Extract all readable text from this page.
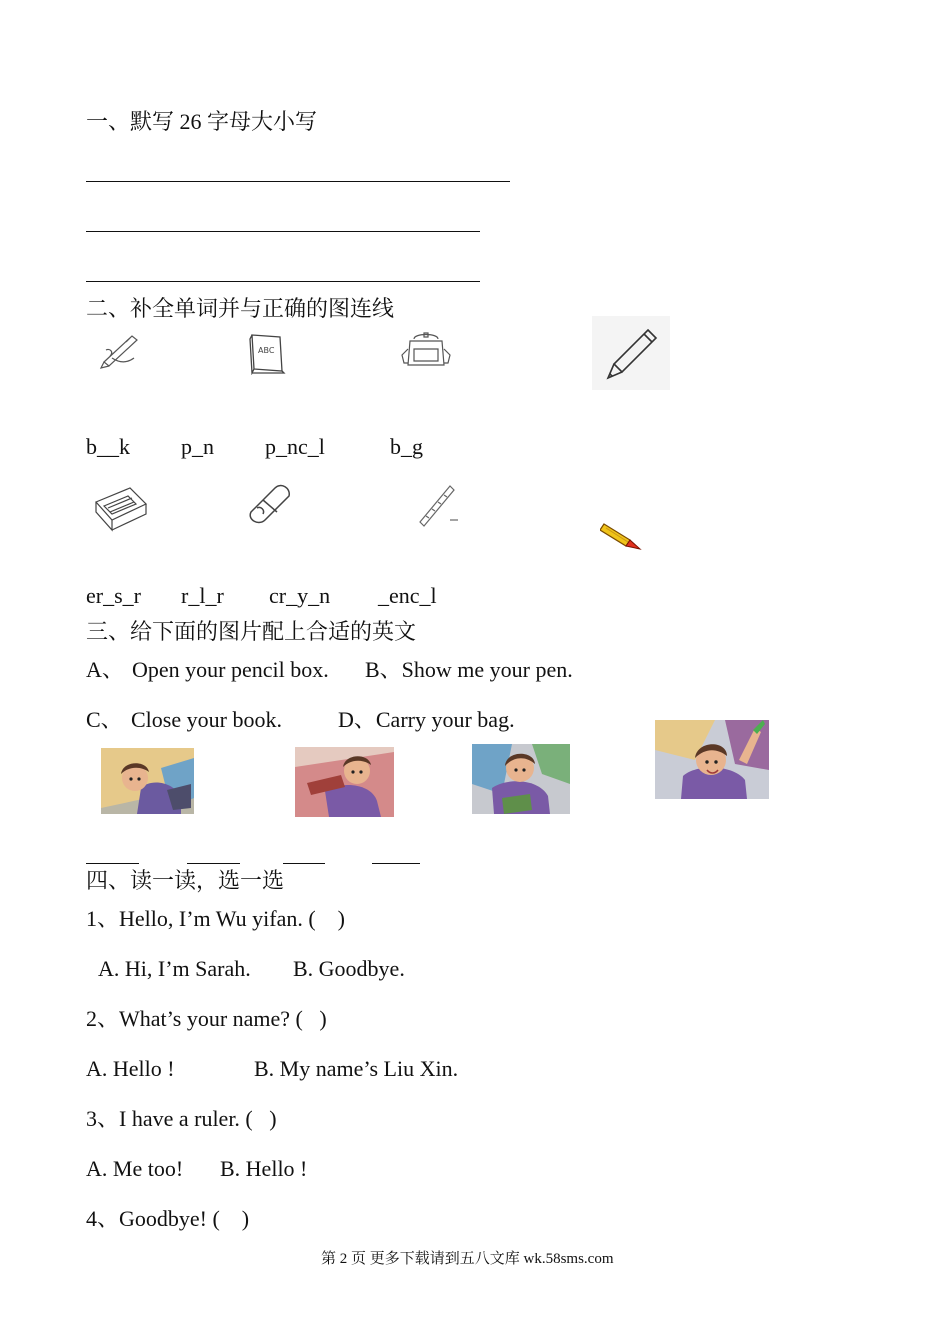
一、默写 26 字母大小写
二、补全单词并与正确的图连线
ABC
b__k p_n p_nc_l	b_g
er_s_r r_l_r cr_y_n _enc_l
三、给下面的图片配上合适的英文
A、 Open your pencil box. B、Show me your pen.
C、 Close your book.	D、Carry your bag.
四、读一读，选一选
1、Hello, I’m Wu yifan. (    )
A. Hi, I’m Sarah. B. Goodbye.
2、What’s your name? (   )
A. Hello !	B. My name’s Liu Xin.
3、I have a ruler. (   )
A. Me too! B. Hello !
4、Goodbye! (    )
第 2 页 更多下载请到五八文库 wk.58sms.com
